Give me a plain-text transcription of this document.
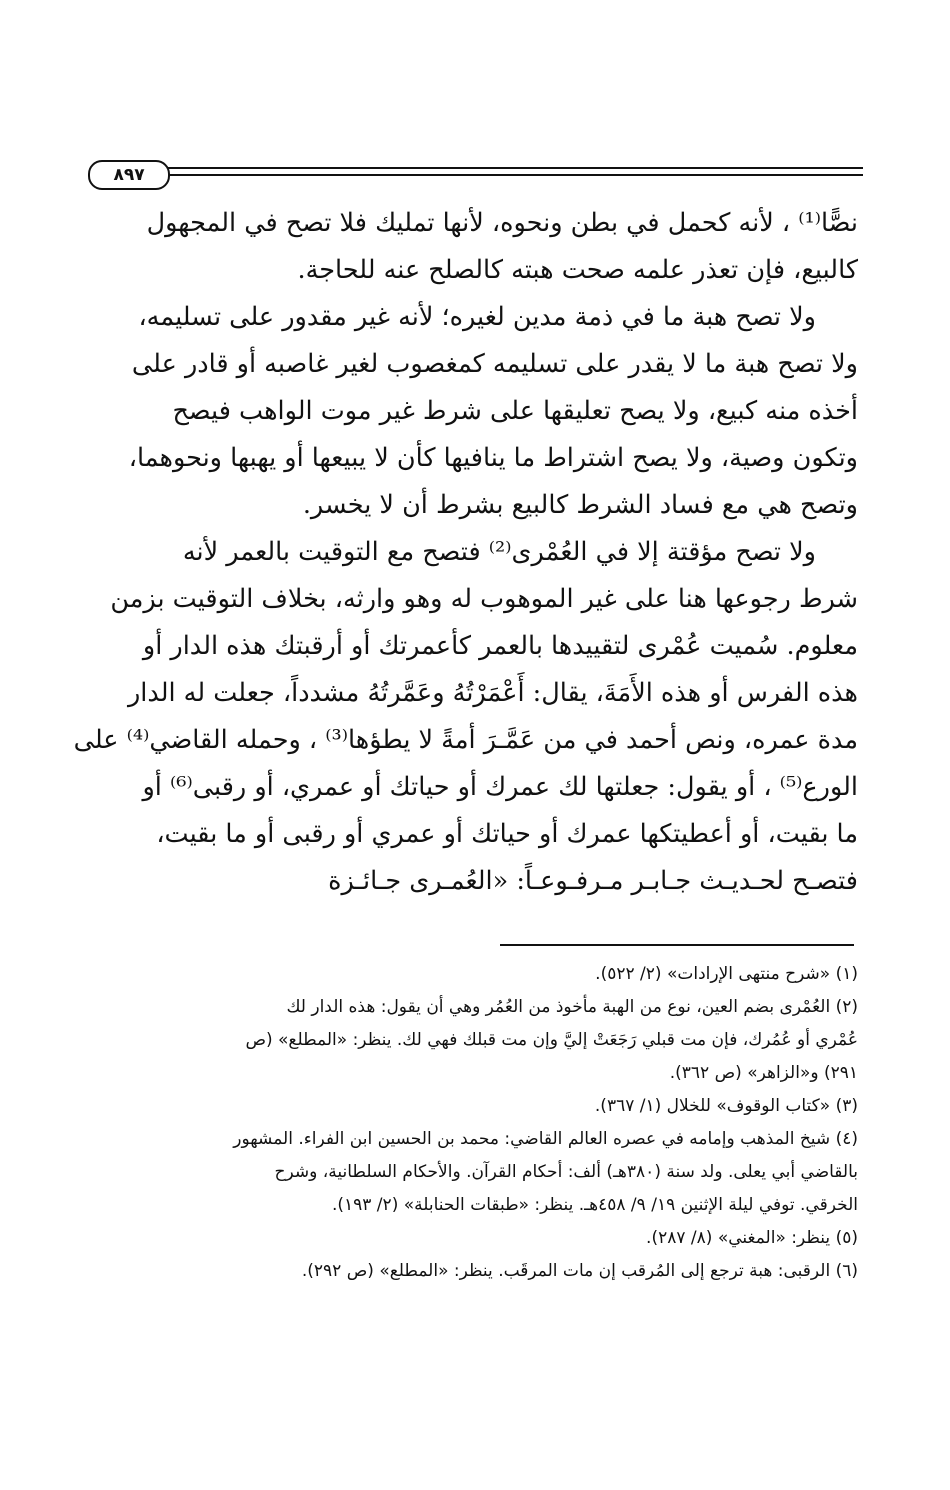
٨٩٧
نصًّا⁽¹⁾ ، لأنه كحمل في بطن ونحوه، لأنها تمليك فلا تصح في المجهول
كالبيع، فإن تعذر علمه صحت هبته كالصلح عنه للحاجة.
ولا تصح هبة ما في ذمة مدين لغيره؛ لأنه غير مقدور على تسليمه،
ولا تصح هبة ما لا يقدر على تسليمه كمغصوب لغير غاصبه أو قادر على
أخذه منه كبيع، ولا يصح تعليقها على شرط غير موت الواهب فيصح
وتكون وصية، ولا يصح اشتراط ما ينافيها كأن لا يبيعها أو يهبها ونحوهما،
وتصح هي مع فساد الشرط كالبيع بشرط أن لا يخسر.
ولا تصح مؤقتة إلا في العُمْرى⁽²⁾ فتصح مع التوقيت بالعمر لأنه
شرط رجوعها هنا على غير الموهوب له وهو وارثه، بخلاف التوقيت بزمن
معلوم. سُميت عُمْرى لتقييدها بالعمر كأعمرتك أو أرقبتك هذه الدار أو
هذه الفرس أو هذه الأَمَةَ، يقال: أَعْمَرْتُهُ وعَمَّرتُهُ مشدداً، جعلت له الدار
مدة عمره، ونص أحمد في من عَمَّـرَ أمةً لا يطؤها⁽³⁾ ، وحمله القاضي⁽⁴⁾ على
الورع⁽⁵⁾ ، أو يقول: جعلتها لك عمرك أو حياتك أو عمري، أو رقبى⁽⁶⁾ أو
ما بقيت، أو أعطيتكها عمرك أو حياتك أو عمري أو رقبى أو ما بقيت،
فتصـح لحـديـث جـابـر مـرفـوعـاً: «العُمـرى جـائـزة
(١) «شرح منتهى الإرادات» (٢/ ٥٢٢).
(٢) العُمْرى بضم العين، نوع من الهبة مأخوذ من العُمُر وهي أن يقول: هذه الدار لك
عُمْري أو عُمُرك، فإن مت قبلي رَجَعَتْ إليَّ وإن مت قبلك فهي لك. ينظر: «المطلع» (ص
٢٩١) و«الزاهر» (ص ٣٦٢).
(٣) «كتاب الوقوف» للخلال (١/ ٣٦٧).
(٤) شيخ المذهب وإمامه في عصره العالم القاضي: محمد بن الحسين ابن الفراء. المشهور
بالقاضي أبي يعلى. ولد سنة (٣٨٠هـ) ألف: أحكام القرآن. والأحكام السلطانية، وشرح
الخرقي. توفي ليلة الإثنين ١٩/ ٩/ ٤٥٨هـ. ينظر: «طبقات الحنابلة» (٢/ ١٩٣).
(٥) ينظر: «المغني» (٨/ ٢٨٧).
(٦) الرقبى: هبة ترجع إلى المُرقب إن مات المرقَب. ينظر: «المطلع» (ص ٢٩٢).
